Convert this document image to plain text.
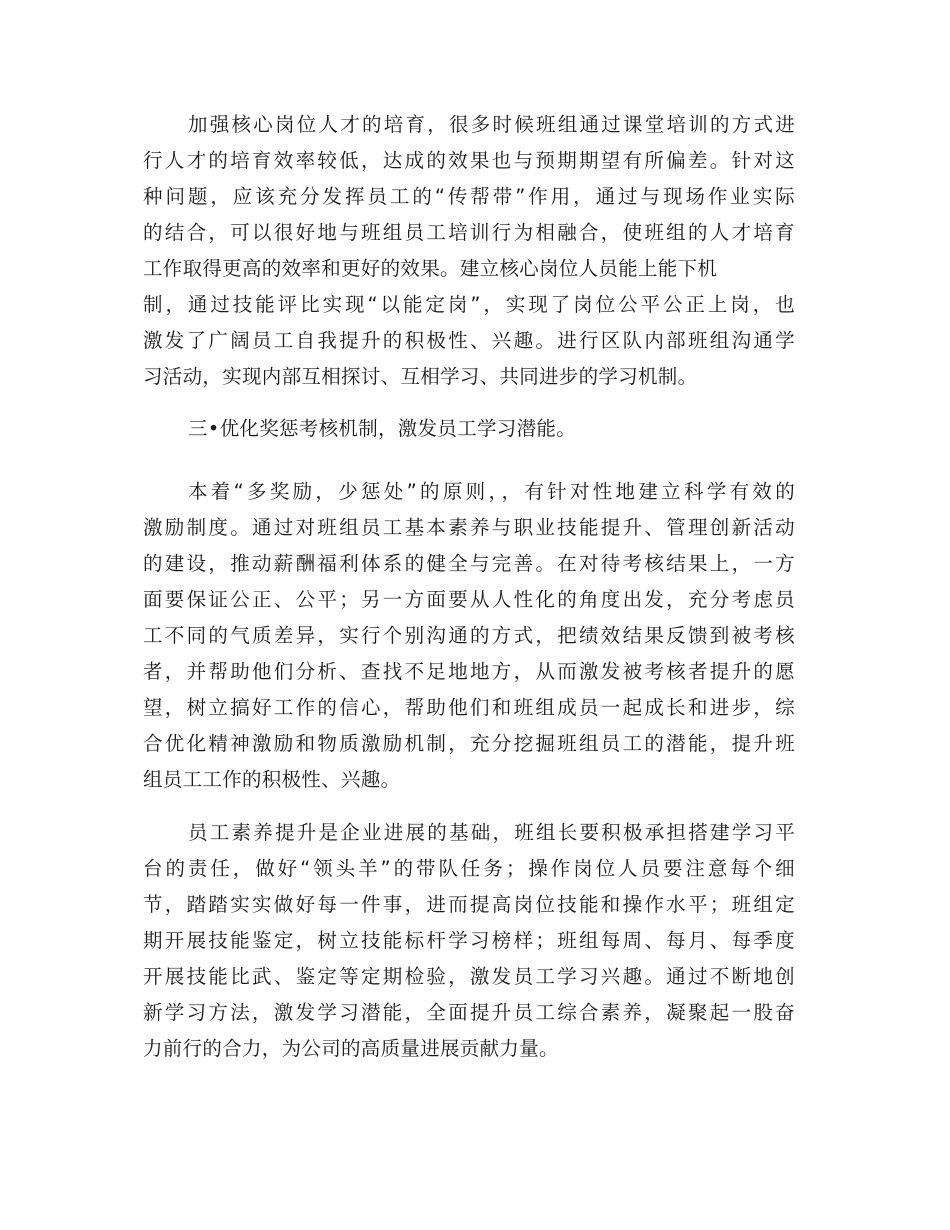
加强核心岗位人才的培育，很多时候班组通过课堂培训的方式进
行人才的培育效率较低，达成的效果也与预期期望有所偏差。针对这
种问题，应该充分发挥员工的“传帮带”作用，通过与现场作业实际
的结合，可以很好地与班组员工培训行为相融合，使班组的人才培育
工作取得更高的效率和更好的效果。建立核心岗位人员能上能下机
制，通过技能评比实现“以能定岗”，实现了岗位公平公正上岗，也
激发了广阔员工自我提升的积极性、兴趣。进行区队内部班组沟通学
习活动，实现内部互相探讨、互相学习、共同进步的学习机制。
三•优化奖惩考核机制，激发员工学习潜能。
本着“多奖励，少惩处”的原则，，有针对性地建立科学有效的
激励制度。通过对班组员工基本素养与职业技能提升、管理创新活动
的建设，推动薪酬福利体系的健全与完善。在对待考核结果上，一方
面要保证公正、公平；另一方面要从人性化的角度出发，充分考虑员
工不同的气质差异，实行个别沟通的方式，把绩效结果反馈到被考核
者，并帮助他们分析、查找不足地地方，从而激发被考核者提升的愿
望，树立搞好工作的信心，帮助他们和班组成员一起成长和进步，综
合优化精神激励和物质激励机制，充分挖掘班组员工的潜能，提升班
组员工工作的积极性、兴趣。
员工素养提升是企业进展的基础，班组长要积极承担搭建学习平
台的责任，做好“领头羊”的带队任务；操作岗位人员要注意每个细
节，踏踏实实做好每一件事，进而提高岗位技能和操作水平；班组定
期开展技能鉴定，树立技能标杆学习榜样；班组每周、每月、每季度
开展技能比武、鉴定等定期检验，激发员工学习兴趣。通过不断地创
新学习方法，激发学习潜能，全面提升员工综合素养，凝聚起一股奋
力前行的合力，为公司的高质量进展贡献力量。
